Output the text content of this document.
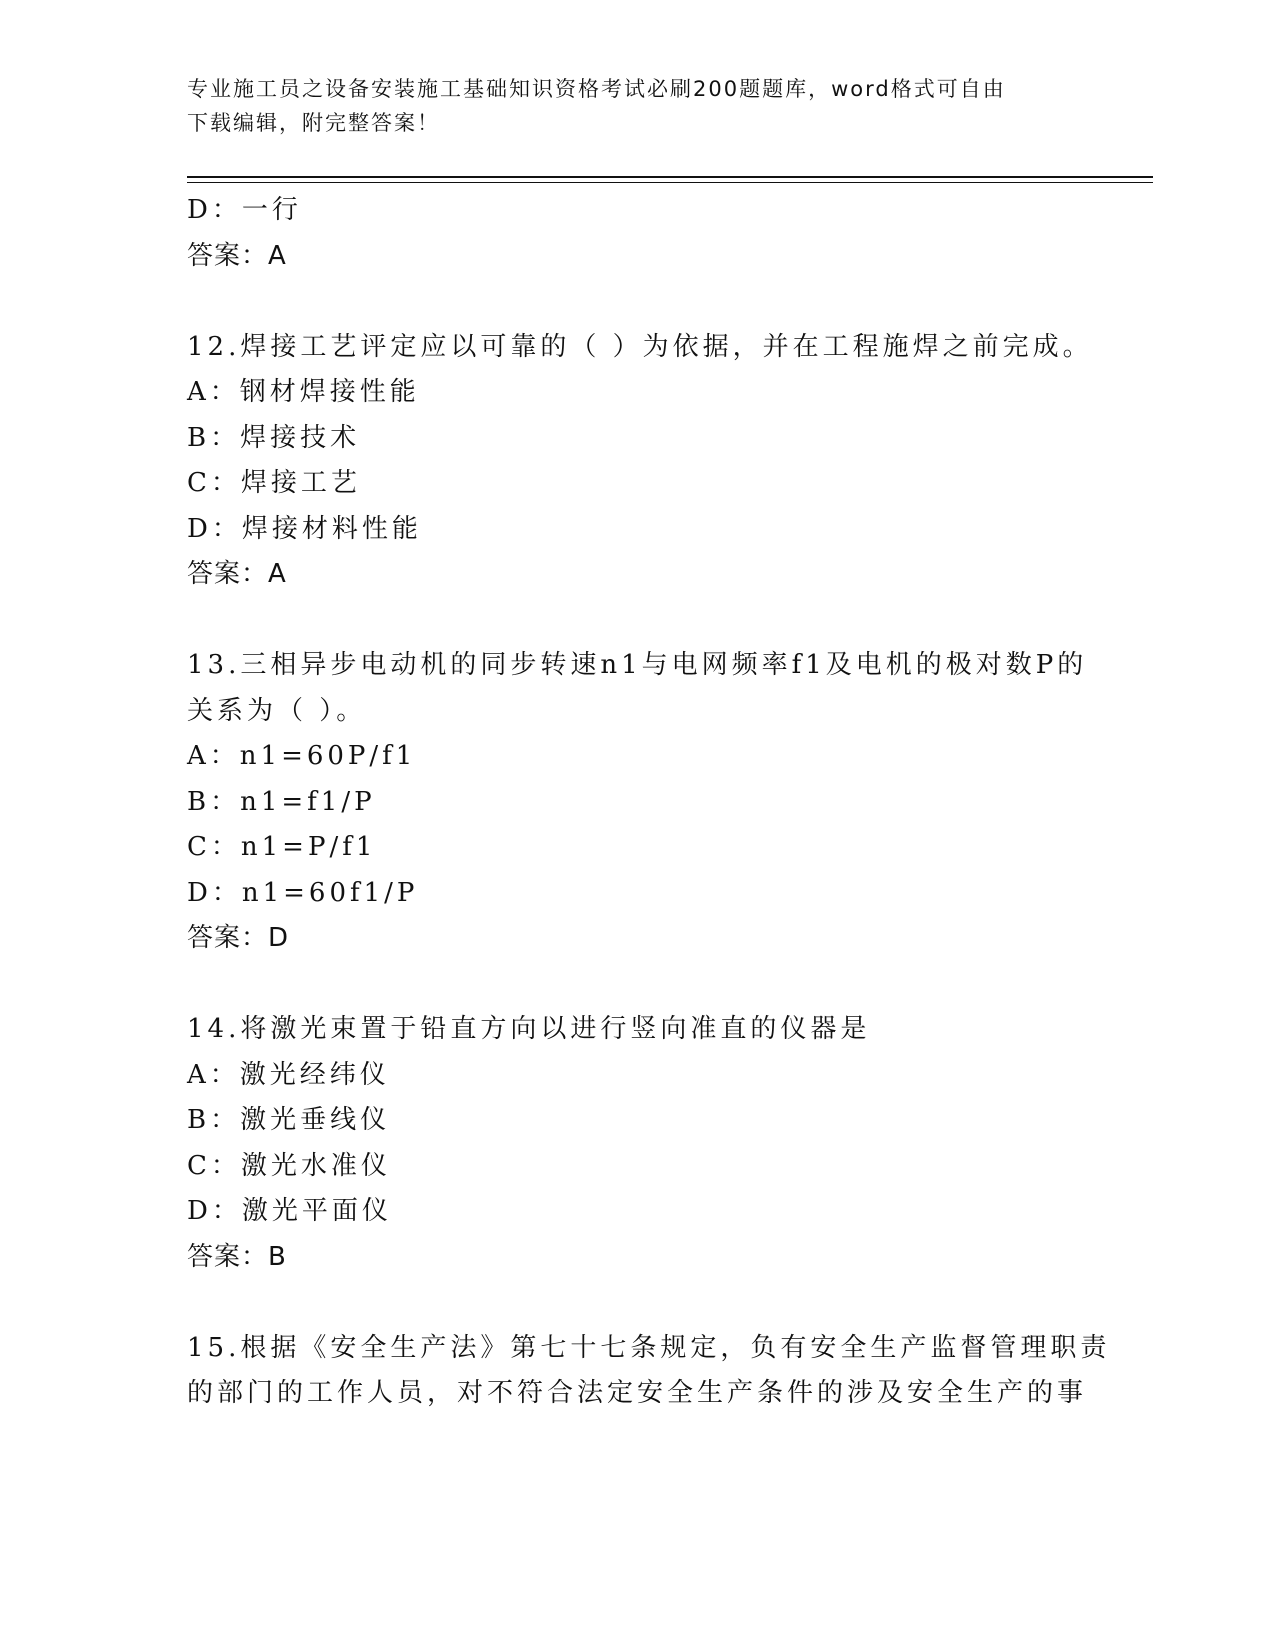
专业施工员之设备安装施工基础知识资格考试必刷200题题库，word格式可自由
下载编辑，附完整答案！
D：一行
答案：A
12.焊接工艺评定应以可靠的（ ）为依据，并在工程施焊之前完成。
A：钢材焊接性能
B：焊接技术
C：焊接工艺
D：焊接材料性能
答案：A
13.三相异步电动机的同步转速n1与电网频率f1及电机的极对数P的
关系为（ ）。
A：n1=60P/f1
B：n1=f1/P
C：n1=P/f1
D：n1=60f1/P
答案：D
14.将激光束置于铅直方向以进行竖向准直的仪器是
A：激光经纬仪
B：激光垂线仪
C：激光水准仪
D：激光平面仪
答案：B
15.根据《安全生产法》第七十七条规定，负有安全生产监督管理职责
的部门的工作人员，对不符合法定安全生产条件的涉及安全生产的事
